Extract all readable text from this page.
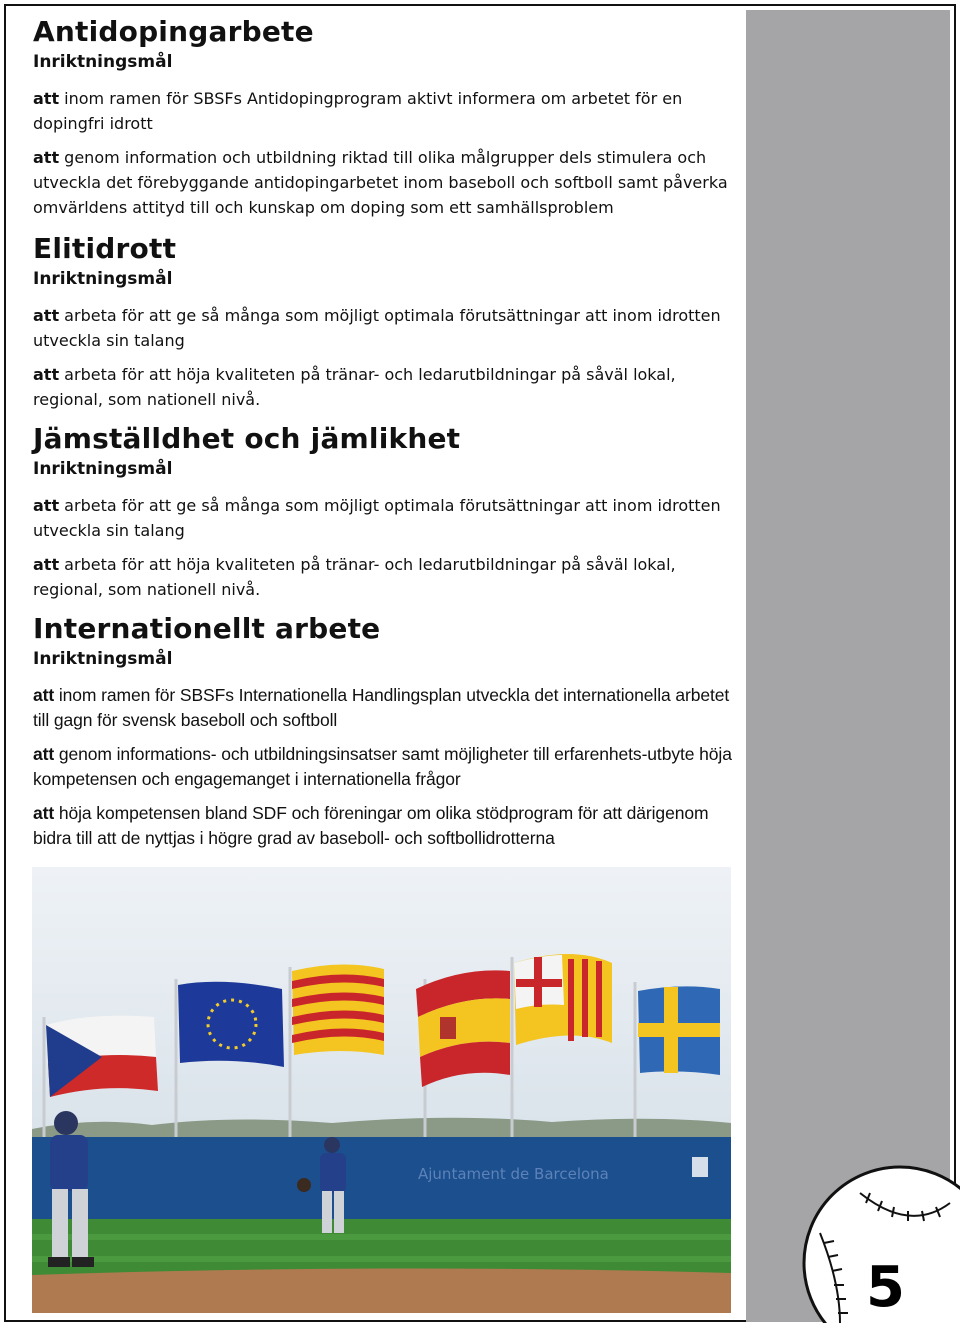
Antidopingarbete
Inriktningsmål

att inom ramen för SBSFs Antidopingprogram aktivt informera om arbetet för en dopingfri idrott

att genom information och utbildning riktad till olika målgrupper dels stimulera och utveckla det förebyggande antidopingarbetet inom baseboll och softboll samt påverka omvärldens attityd till och kunskap om doping som ett samhällsproblem

Elitidrott
Inriktningsmål

att arbeta för att ge så många som möjligt optimala förutsättningar att inom idrotten utveckla sin talang

att arbeta för att höja kvaliteten på tränar- och ledarutbildningar på såväl lokal, regional, som nationell nivå.

Jämställdhet och jämlikhet
Inriktningsmål

att arbeta för att ge så många som möjligt optimala förutsättningar att inom idrotten utveckla sin talang

att arbeta för att höja kvaliteten på tränar- och ledarutbildningar på såväl lokal, regional, som nationell nivå.

Internationellt arbete
Inriktningsmål

att inom ramen för SBSFs Internationella Handlingsplan utveckla det internationella arbetet till gagn för svensk baseboll och softboll

att genom informations- och utbildningsinsatser samt möjligheter till erfarenhets-utbyte höja kompetensen och engagemanget i internationella frågor

att höja kompetensen bland SDF och föreningar om olika stödprogram för att därigenom bidra till att de nyttjas i högre grad av baseboll- och softbollidrotterna

Ajuntament de Barcelona
5
